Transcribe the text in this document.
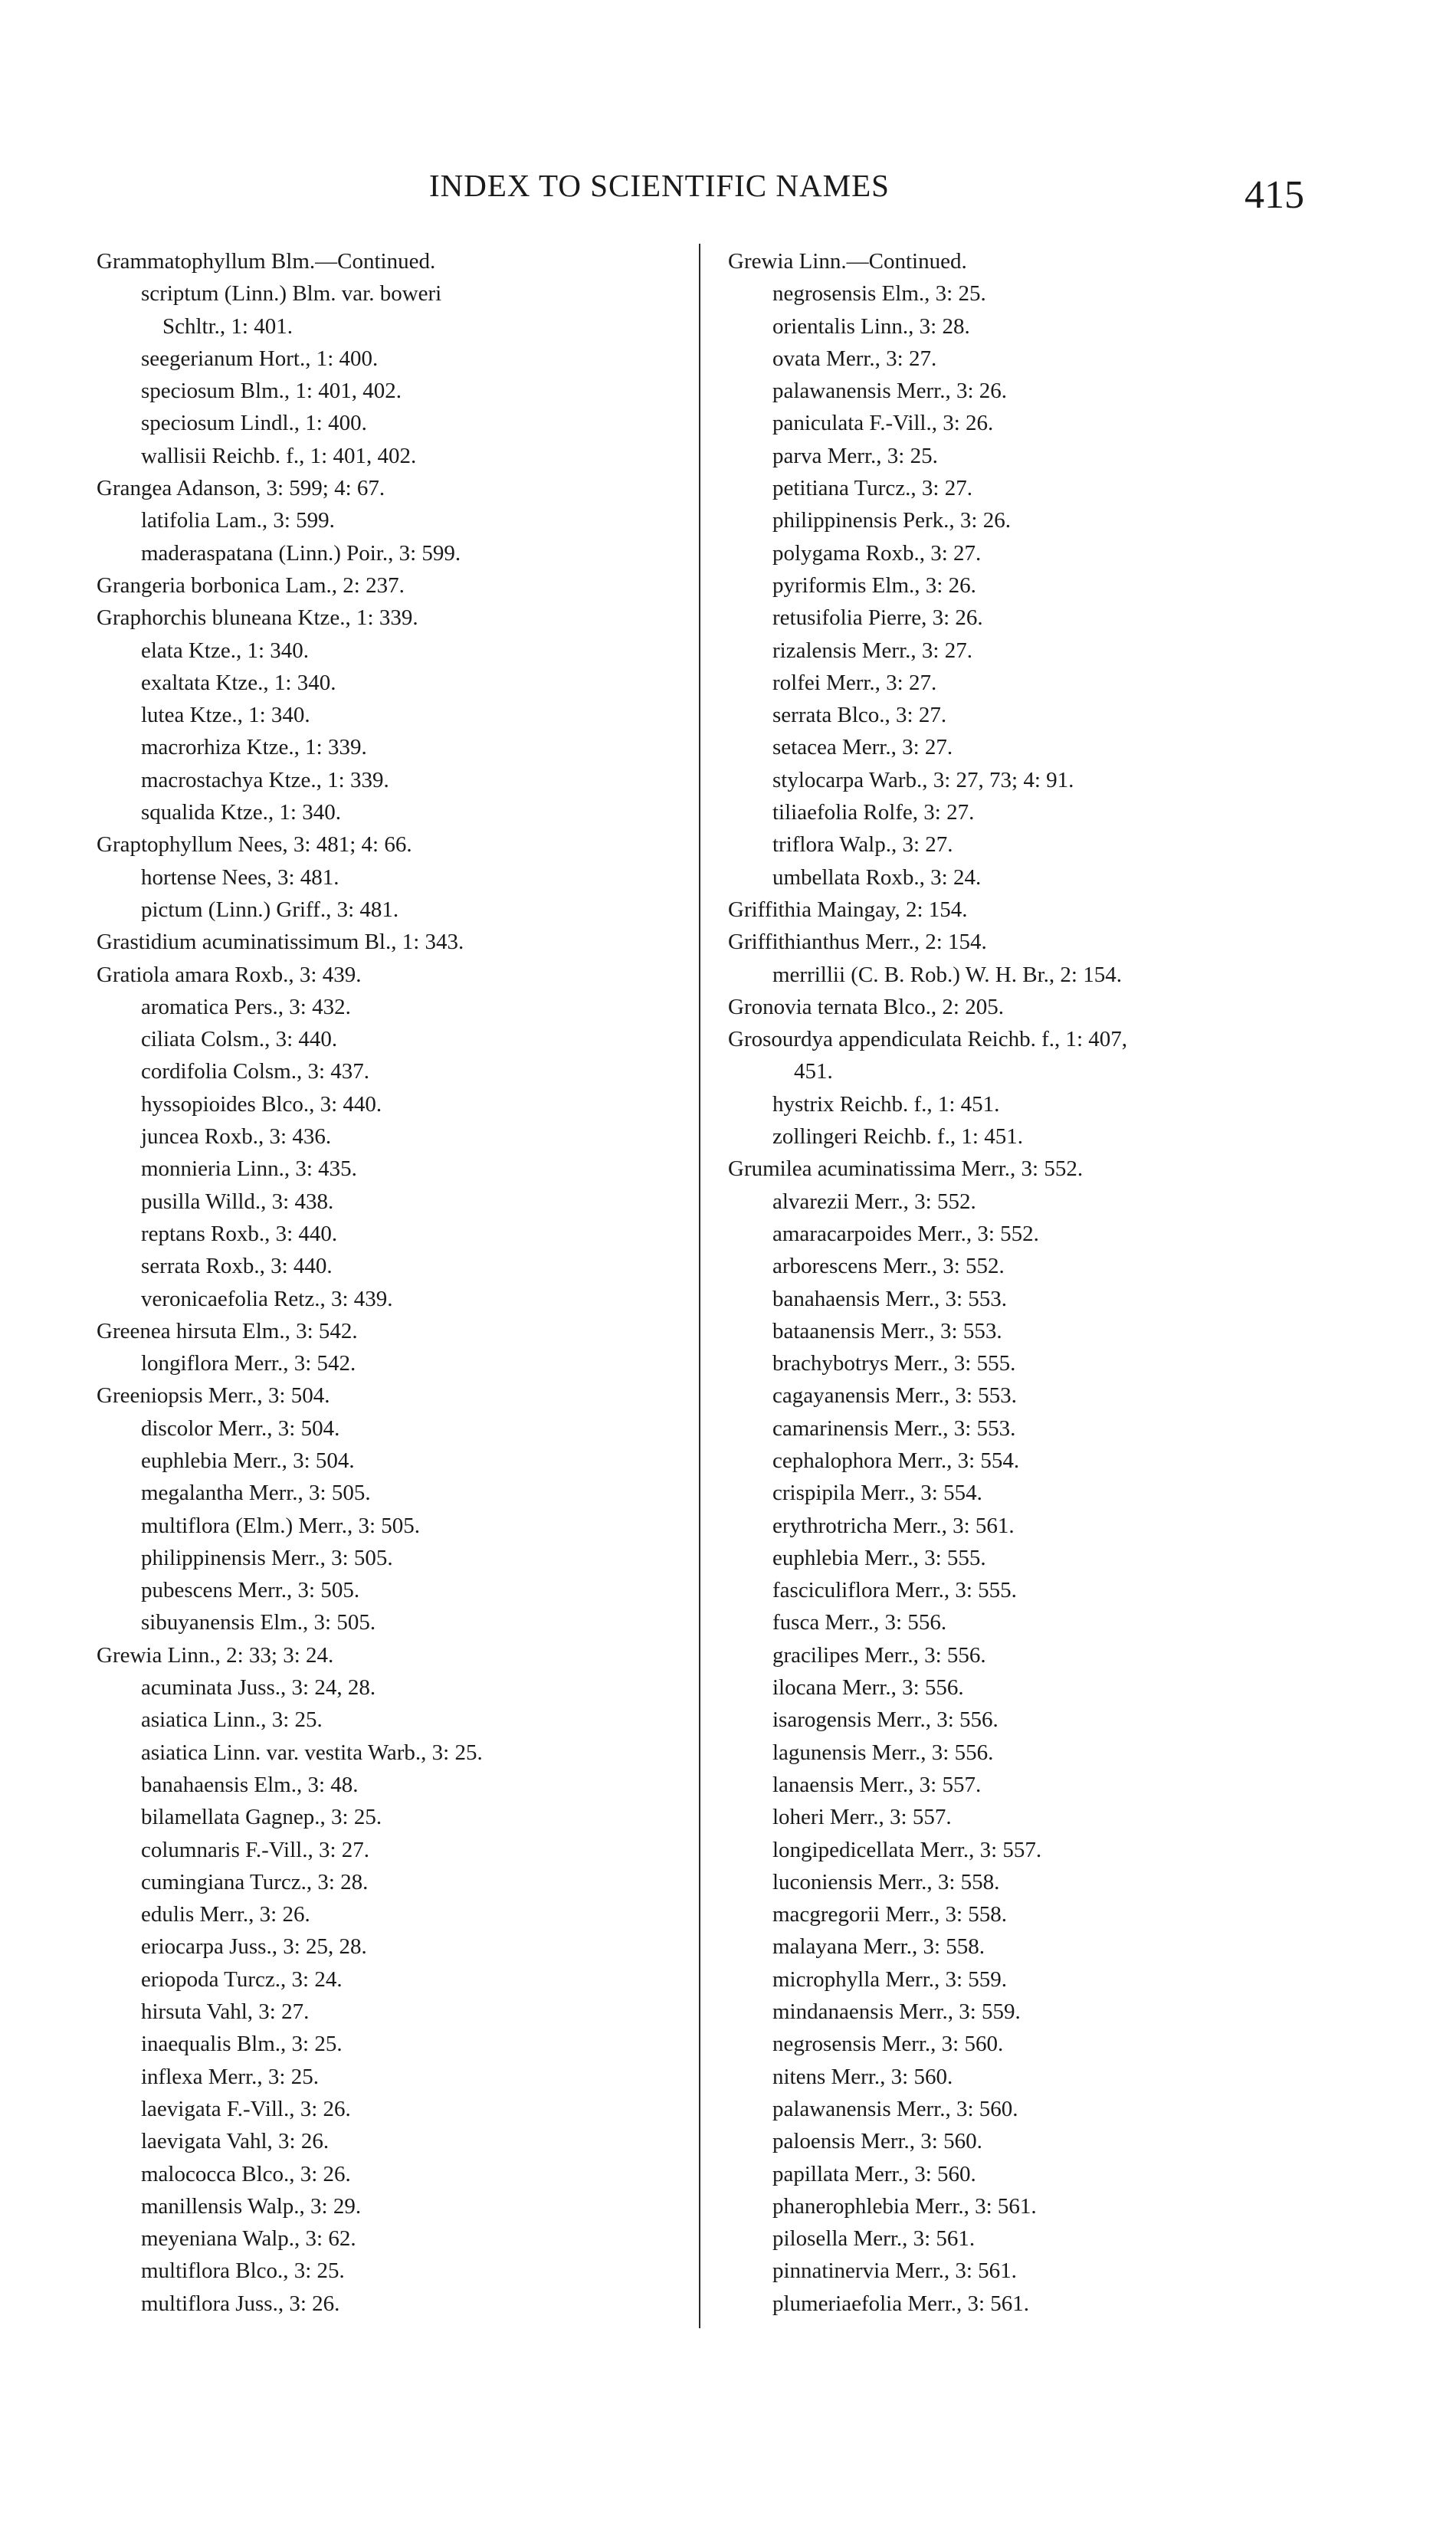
INDEX TO SCIENTIFIC NAMES	415
Grammatophyllum Blm.—Continued.
scriptum (Linn.) Blm. var. boweri
Schltr., 1: 401.
seegerianum Hort., 1: 400.
speciosum Blm., 1: 401, 402.
speciosum Lindl., 1: 400.
wallisii Reichb. f., 1: 401, 402.
Grangea Adanson, 3: 599; 4: 67.
latifolia Lam., 3: 599.
maderaspatana (Linn.) Poir., 3: 599.
Grangeria borbonica Lam., 2: 237.
Graphorchis bluneana Ktze., 1: 339.
elata Ktze., 1: 340.
exaltata Ktze., 1: 340.
lutea Ktze., 1: 340.
macrorhiza Ktze., 1: 339.
macrostachya Ktze., 1: 339.
squalida Ktze., 1: 340.
Graptophyllum Nees, 3: 481; 4: 66.
hortense Nees, 3: 481.
pictum (Linn.) Griff., 3: 481.
Grastidium acuminatissimum Bl., 1: 343.
Gratiola amara Roxb., 3: 439.
aromatica Pers., 3: 432.
ciliata Colsm., 3: 440.
cordifolia Colsm., 3: 437.
hyssopioides Blco., 3: 440.
juncea Roxb., 3: 436.
monnieria Linn., 3: 435.
pusilla Willd., 3: 438.
reptans Roxb., 3: 440.
serrata Roxb., 3: 440.
veronicaefolia Retz., 3: 439.
Greenea hirsuta Elm., 3: 542.
longiflora Merr., 3: 542.
Greeniopsis Merr., 3: 504.
discolor Merr., 3: 504.
euphlebia Merr., 3: 504.
megalantha Merr., 3: 505.
multiflora (Elm.) Merr., 3: 505.
philippinensis Merr., 3: 505.
pubescens Merr., 3: 505.
sibuyanensis Elm., 3: 505.
Grewia Linn., 2: 33; 3: 24.
acuminata Juss., 3: 24, 28.
asiatica Linn., 3: 25.
asiatica Linn. var. vestita Warb., 3: 25.
banahaensis Elm., 3: 48.
bilamellata Gagnep., 3: 25.
columnaris F.-Vill., 3: 27.
cumingiana Turcz., 3: 28.
edulis Merr., 3: 26.
eriocarpa Juss., 3: 25, 28.
eriopoda Turcz., 3: 24.
hirsuta Vahl, 3: 27.
inaequalis Blm., 3: 25.
inflexa Merr., 3: 25.
laevigata F.-Vill., 3: 26.
laevigata Vahl, 3: 26.
malococca Blco., 3: 26.
manillensis Walp., 3: 29.
meyeniana Walp., 3: 62.
multiflora Blco., 3: 25.
multiflora Juss., 3: 26.
Grewia Linn.—Continued.
negrosensis Elm., 3: 25.
orientalis Linn., 3: 28.
ovata Merr., 3: 27.
palawanensis Merr., 3: 26.
paniculata F.-Vill., 3: 26.
parva Merr., 3: 25.
petitiana Turcz., 3: 27.
philippinensis Perk., 3: 26.
polygama Roxb., 3: 27.
pyriformis Elm., 3: 26.
retusifolia Pierre, 3: 26.
rizalensis Merr., 3: 27.
rolfei Merr., 3: 27.
serrata Blco., 3: 27.
setacea Merr., 3: 27.
stylocarpa Warb., 3: 27, 73; 4: 91.
tiliaefolia Rolfe, 3: 27.
triflora Walp., 3: 27.
umbellata Roxb., 3: 24.
Griffithia Maingay, 2: 154.
Griffithianthus Merr., 2: 154.
merrillii (C. B. Rob.) W. H. Br., 2: 154.
Gronovia ternata Blco., 2: 205.
Grosourdya appendiculata Reichb. f., 1: 407,
451.
hystrix Reichb. f., 1: 451.
zollingeri Reichb. f., 1: 451.
Grumilea acuminatissima Merr., 3: 552.
alvarezii Merr., 3: 552.
amaracarpoides Merr., 3: 552.
arborescens Merr., 3: 552.
banahaensis Merr., 3: 553.
bataanensis Merr., 3: 553.
brachybotrys Merr., 3: 555.
cagayanensis Merr., 3: 553.
camarinensis Merr., 3: 553.
cephalophora Merr., 3: 554.
crispipila Merr., 3: 554.
erythrotricha Merr., 3: 561.
euphlebia Merr., 3: 555.
fasciculiflora Merr., 3: 555.
fusca Merr., 3: 556.
gracilipes Merr., 3: 556.
ilocana Merr., 3: 556.
isarogensis Merr., 3: 556.
lagunensis Merr., 3: 556.
lanaensis Merr., 3: 557.
loheri Merr., 3: 557.
longipedicellata Merr., 3: 557.
luconiensis Merr., 3: 558.
macgregorii Merr., 3: 558.
malayana Merr., 3: 558.
microphylla Merr., 3: 559.
mindanaensis Merr., 3: 559.
negrosensis Merr., 3: 560.
nitens Merr., 3: 560.
palawanensis Merr., 3: 560.
paloensis Merr., 3: 560.
papillata Merr., 3: 560.
phanerophlebia Merr., 3: 561.
pilosella Merr., 3: 561.
pinnatinervia Merr., 3: 561.
plumeriaefolia Merr., 3: 561.
